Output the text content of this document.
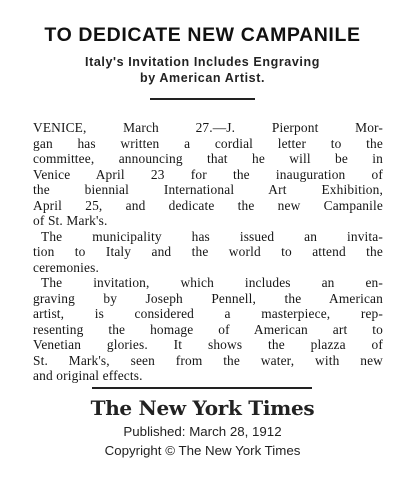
TO DEDICATE NEW CAMPANILE
Italy's Invitation Includes Engraving
by American Artist.
VENICE, March 27.—J. Pierpont Mor-
gan has written a cordial letter to the
committee, announcing that he will be in
Venice April 23 for the inauguration of
the biennial International Art Exhibition,
April 25, and dedicate the new Campanile
of St. Mark's.
The municipality has issued an invita-
tion to Italy and the world to attend the
ceremonies.
The invitation, which includes an en-
graving by Joseph Pennell, the American
artist, is considered a masterpiece, rep-
resenting the homage of American art to
Venetian glories. It shows the plazza of
St. Mark's, seen from the water, with new
and original effects.
The New York Times
Published: March 28, 1912
Copyright © The New York Times
